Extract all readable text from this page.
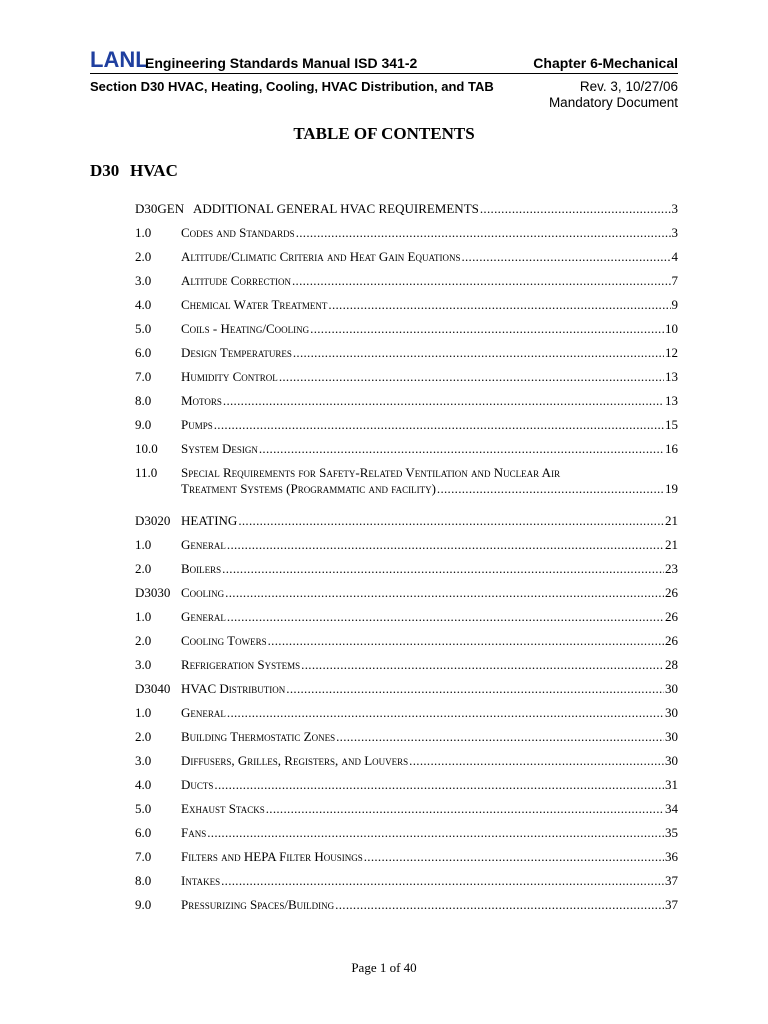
LANL
Engineering Standards Manual ISD 341-2	Chapter 6-Mechanical
Section D30 HVAC, Heating, Cooling, HVAC Distribution, and TAB	Rev. 3, 10/27/06
Mandatory Document
TABLE OF CONTENTS
D30 HVAC
D30GEN ADDITIONAL GENERAL HVAC REQUIREMENTS .....	3
1.0	Codes and Standards .....	3
2.0	Altitude/Climatic Criteria and Heat Gain Equations .....	4
3.0	Altitude Correction .....	7
4.0	Chemical Water Treatment .....	9
5.0	Coils - Heating/Cooling .....	10
6.0	Design Temperatures .....	12
7.0	Humidity Control .....	13
8.0	Motors .....	13
9.0	Pumps .....	15
10.0	System Design .....	16
11.0	Special Requirements for Safety-Related Ventilation and Nuclear Air
Treatment Systems (Programmatic and facility) .....	19
D3020 HEATING .....	21
1.0	General .....	21
2.0	Boilers .....	23
D3030 Cooling .....	26
1.0	General .....	26
2.0	Cooling Towers .....	26
3.0	Refrigeration Systems .....	28
D3040 HVAC Distribution .....	30
1.0	General .....	30
2.0	Building Thermostatic Zones .....	30
3.0	Diffusers, Grilles, Registers, and Louvers .....	30
4.0	Ducts .....	31
5.0	Exhaust Stacks .....	34
6.0	Fans .....	35
7.0	Filters and HEPA Filter Housings .....	36
8.0	Intakes .....	37
9.0	Pressurizing Spaces/Building .....	37
Page 1 of 40
